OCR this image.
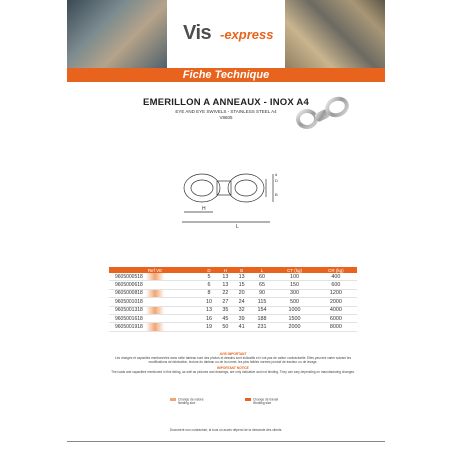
Vis -express
Fiche Technique
EMERILLON A ANNEAUX - INOX A4
EYE AND EYE SWIVELS - STAINLESS STEEL A4
V8605
H
L
D
d
B
Ref VE	D	H	B	L	CT (kg)	CR (kg)
9605000518	5	13	13	60	100	400
9605000618	6	13	15	65	150	600
9605000818	8	22	20	90	300	1200
9605001018	10	27	24	115	500	2000
9605001318	13	35	32	154	1000	4000
9605001618	16	45	39	188	1500	6000
9605001918	19	50	41	231	2000	8000
AVIS IMPORTANT
Les charges et capacités mentionnées dans cette tableau sont des photos et dessins sont indicatifs et n'ont pas de valeur contractuelle. Elles peuvent varier suivant les modifications de fabrication, lecture du tableau ou de la norme, les plus faibles normes produit de tracteur ou de levage.
IMPORTANT NOTICE
The loads and capacities mentioned in this listing, as well as pictures and drawings, are only indicative and not binding. They can vary depending on manufacturing changes.
Change de nature
Nesting size
Change de travail
Working size
Document non contractuel, la tous un accès dépend de la demande des clients.
